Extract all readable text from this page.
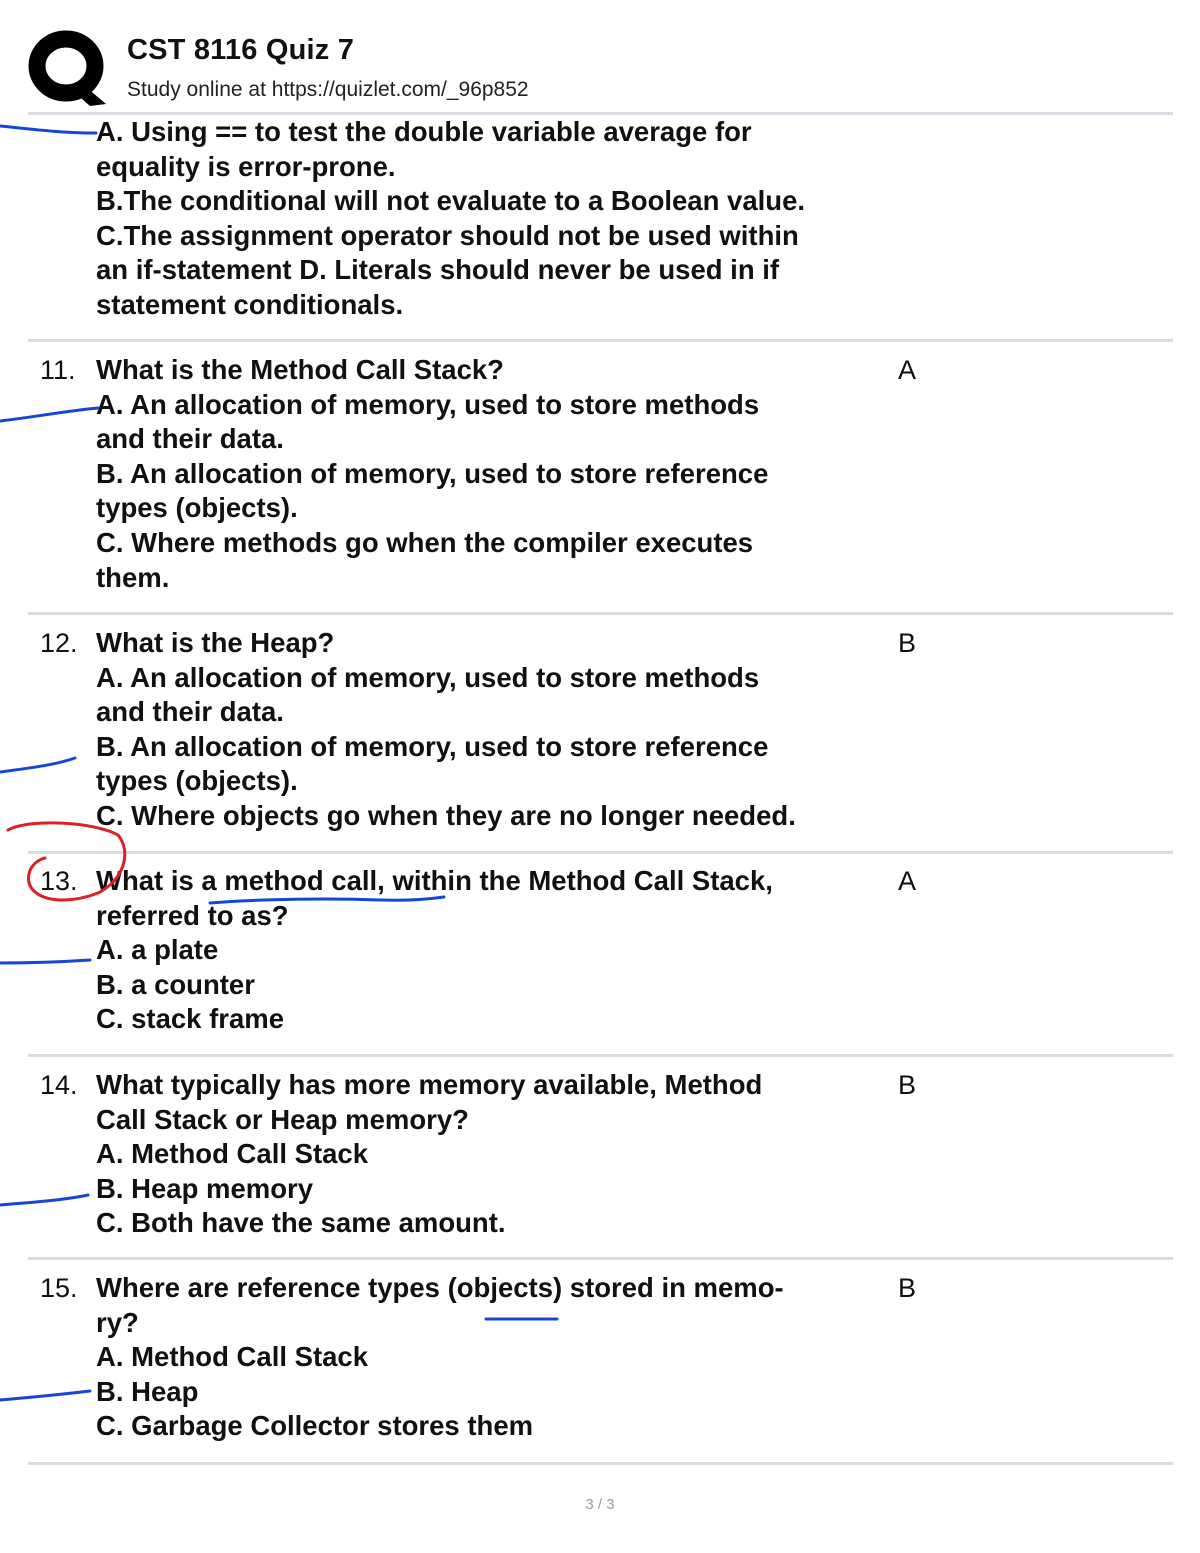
CST 8116 Quiz 7
Study online at https://quizlet.com/_96p852
A. Using == to test the double variable average for
equality is error-prone.
B.The conditional will not evaluate to a Boolean value.
C.The assignment operator should not be used within
an if-statement D. Literals should never be used in if
statement conditionals.
11. What is the Method Call Stack?
A. An allocation of memory, used to store methods
and their data.
B. An allocation of memory, used to store reference
types (objects).
C. Where methods go when the compiler executes
them.
A
12. What is the Heap?
A. An allocation of memory, used to store methods
and their data.
B. An allocation of memory, used to store reference
types (objects).
C. Where objects go when they are no longer needed.
B
13. What is a method call, within the Method Call Stack,
referred to as?
A. a plate
B. a counter
C. stack frame
A
14. What typically has more memory available, Method
Call Stack or Heap memory?
A. Method Call Stack
B. Heap memory
C. Both have the same amount.
B
15. Where are reference types (objects) stored in memo-
ry?
A. Method Call Stack
B. Heap
C. Garbage Collector stores them
B
3 / 3
